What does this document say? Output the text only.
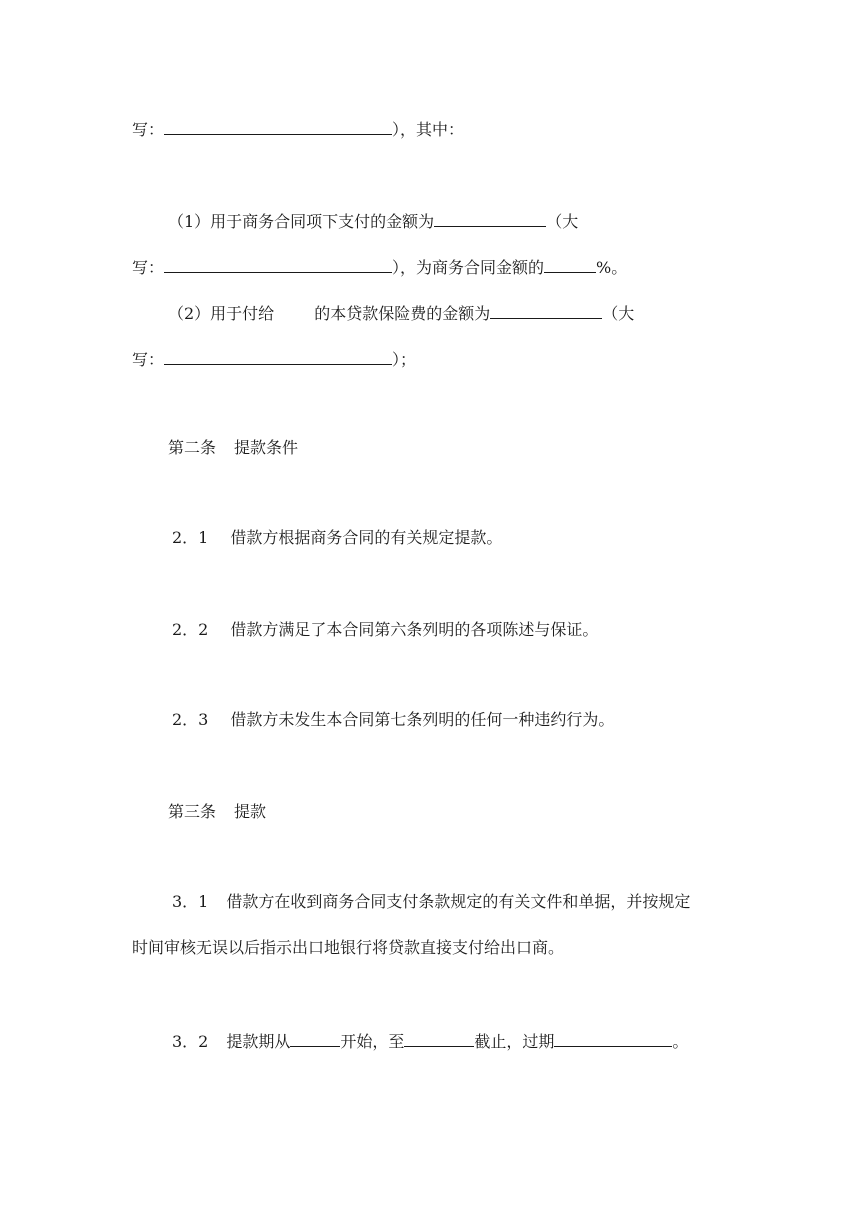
写：	），其中：
（1）用于商务合同项下支付的金额为	（大
写：	），为商务合同金额的	%。
（2）用于付给	的本贷款保险费的金额为	（大
写：	）；
第二条 提款条件
2．1 借款方根据商务合同的有关规定提款。
2．2 借款方满足了本合同第六条列明的各项陈述与保证。
2．3 借款方未发生本合同第七条列明的任何一种违约行为。
第三条 提款
3．1 借款方在收到商务合同支付条款规定的有关文件和单据，并按规定
时间审核无误以后指示出口地银行将贷款直接支付给出口商。
3．2 提款期从	开始，至	截止，过期	。
